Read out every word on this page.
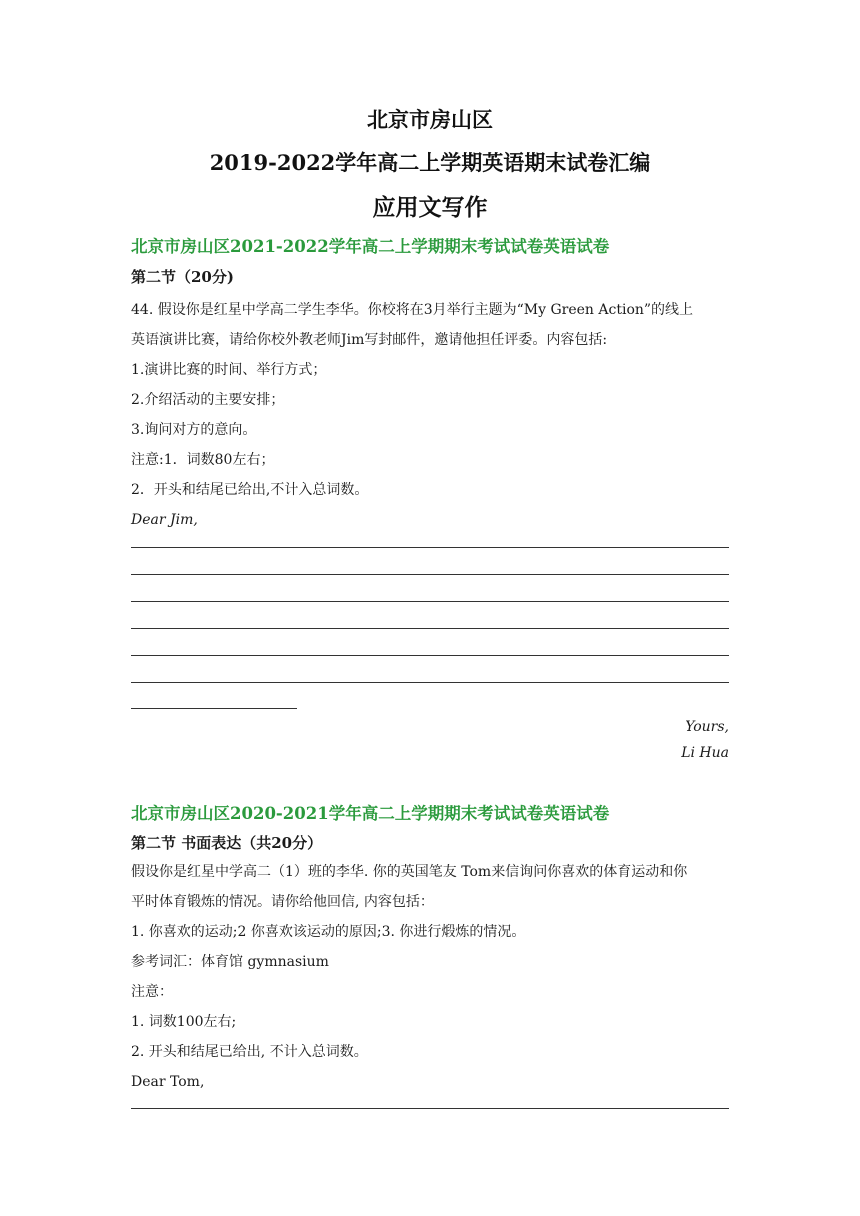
北京市房山区
2019-2022学年高二上学期英语期末试卷汇编
应用文写作
北京市房山区2021-2022学年高二上学期期末考试试卷英语试卷
第二节（20分)
44. 假设你是红星中学高二学生李华。你校将在3月举行主题为“My Green Action”的线上
英语演讲比赛，请给你校外教老师Jim写封邮件，邀请他担任评委。内容包括:
1.演讲比赛的时间、举行方式；
2.介绍活动的主要安排；
3.询问对方的意向。
注意:1．词数80左右；
2．开头和结尾已给出,不计入总词数。
Dear Jim,
Yours,
Li Hua
北京市房山区2020-2021学年高二上学期期末考试试卷英语试卷
第二节 书面表达（共20分）
假设你是红星中学高二（1）班的李华. 你的英国笔友 Tom来信询问你喜欢的体育运动和你
平时体育锻炼的情况。请你给他回信, 内容包括：
1. 你喜欢的运动;2 你喜欢该运动的原因;3. 你进行煅炼的情况。
参考词汇：体育馆 gymnasium
注意：
1. 词数100左右;
2. 开头和结尾已给出, 不计入总词数。
Dear Tom,
